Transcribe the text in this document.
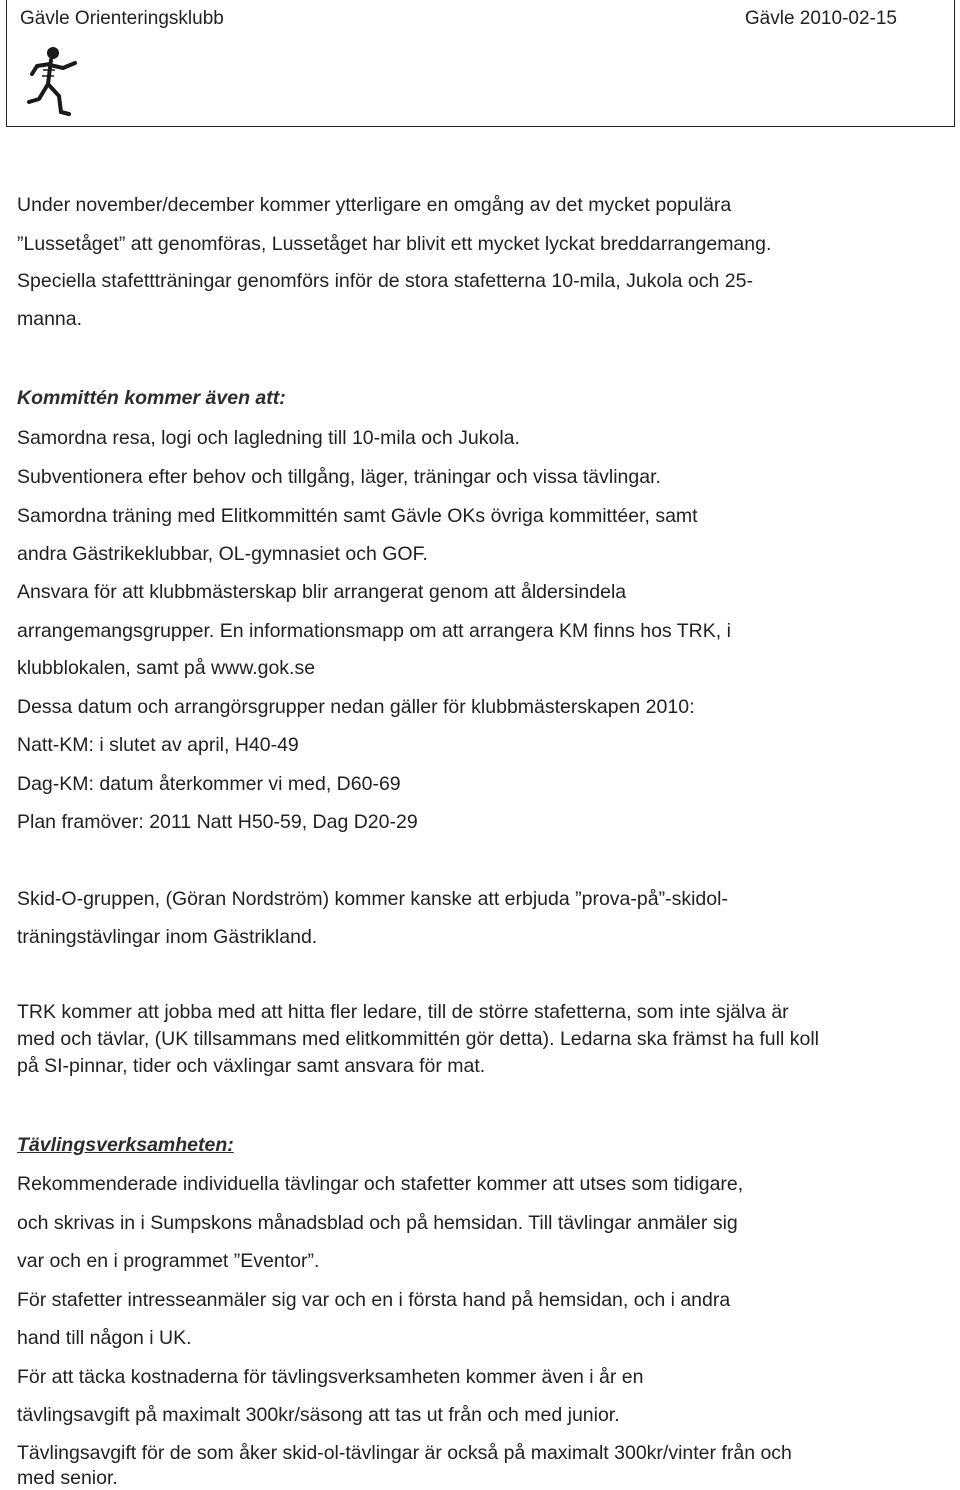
Gävle Orienteringsklubb	Gävle 2010-02-15
Under november/december kommer ytterligare en omgång av det mycket populära
”Lussetåget” att genomföras, Lussetåget har blivit ett mycket lyckat breddarrangemang.
Speciella stafettträningar genomförs inför de stora stafetterna 10-mila, Jukola och 25-
manna.
Kommittén kommer även att:
Samordna resa, logi och lagledning till 10-mila och Jukola.
Subventionera efter behov och tillgång, läger, träningar och vissa tävlingar.
Samordna träning med Elitkommittén samt Gävle OKs övriga kommittéer, samt
andra Gästrikeklubbar, OL-gymnasiet och GOF.
Ansvara för att klubbmästerskap blir arrangerat genom att åldersindela
arrangemangsgrupper. En informationsmapp om att arrangera KM finns hos TRK, i
klubblokalen, samt på www.gok.se
Dessa datum och arrangörsgrupper nedan gäller för klubbmästerskapen 2010:
Natt-KM: i slutet av april, H40-49
Dag-KM: datum återkommer vi med, D60-69
Plan framöver: 2011 Natt H50-59, Dag D20-29
Skid-O-gruppen, (Göran Nordström) kommer kanske att erbjuda ”prova-på”-skidol-
träningstävlingar inom Gästrikland.
TRK kommer att jobba med att hitta fler ledare, till de större stafetterna, som inte själva är
med och tävlar, (UK tillsammans med elitkommittén gör detta). Ledarna ska främst ha full koll
på SI-pinnar, tider och växlingar samt ansvara för mat.
Tävlingsverksamheten:
Rekommenderade individuella tävlingar och stafetter kommer att utses som tidigare,
och skrivas in i Sumpskons månadsblad och på hemsidan. Till tävlingar anmäler sig
var och en i programmet ”Eventor”.
För stafetter intresseanmäler sig var och en i första hand på hemsidan, och i andra
hand till någon i UK.
För att täcka kostnaderna för tävlingsverksamheten kommer även i år en
tävlingsavgift på maximalt 300kr/säsong att tas ut från och med junior.
Tävlingsavgift för de som åker skid-ol-tävlingar är också på maximalt 300kr/vinter från och
med senior.
